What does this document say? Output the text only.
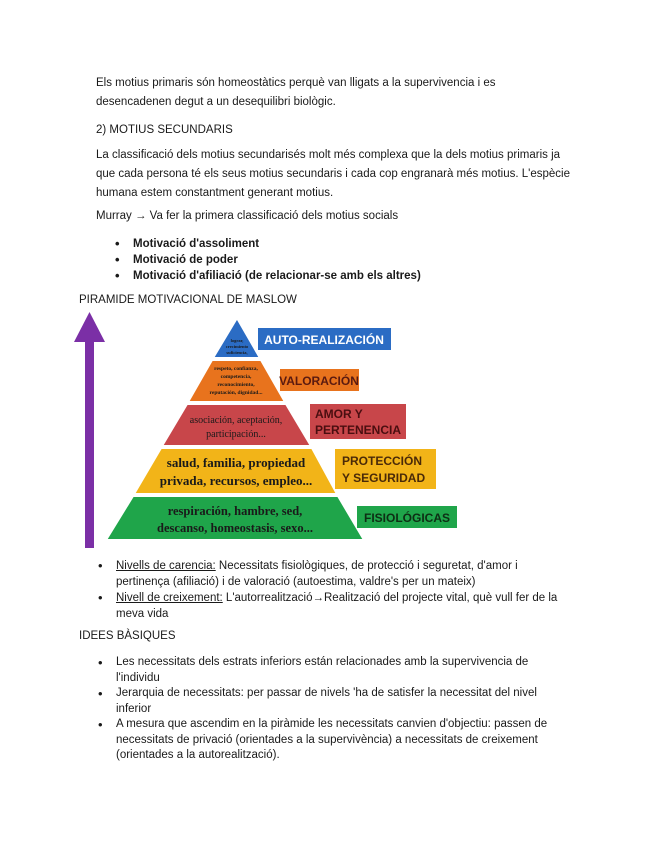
Els motius primaris són homeostàtics perquè van lligats a la supervivencia i es desencadenen degut a un desequilibri biològic.

2) MOTIUS SECUNDARIS

La classificació dels motius secundarisés molt més complexa que la dels motius primaris ja que cada persona té els seus motius secundaris i cada cop engranarà més motius. L'espècie humana estem constantment generant motius.

Murray → Va fer la primera classificació dels motius socials

• Motivació d'assoliment
• Motivació de poder
• Motivació d'afiliació (de relacionar-se amb els altres)

PIRAMIDE MOTIVACIONAL DE MASLOW

lograr,
crecimiento
suficiencia,
respeto, confianza,
competencia,
reconocimiento,
reputación, dignidad...
asociación, aceptación,
participación...
salud, familia, propiedad
privada, recursos, empleo...
respiración, hambre, sed,
descanso, homeostasis, sexo...
AUTO-REALIZACIÓN
VALORACIÓN
AMOR Y
PERTENENCIA
PROTECCIÓN
Y SEGURIDAD
FISIOLÓGICAS
• Nivells de carencia: Necessitats fisiològiques, de protecció i seguretat, d'amor i pertinença (afiliació) i de valoració (autoestima, valdre's per un mateix)
• Nivell de creixement: L'autorrealització→Realització del projecte vital, què vull fer de la meva vida

IDEES BÀSIQUES

• Les necessitats dels estrats inferiors están relacionades amb la supervivencia de l'individu
• Jerarquia de necessitats: per passar de nivels 'ha de satisfer la necessitat del nivel inferior
• A mesura que ascendim en la piràmide les necessitats canvien d'objectiu: passen de necessitats de privació (orientades a la supervivència) a necessitats de creixement (orientades a la autorealització).
